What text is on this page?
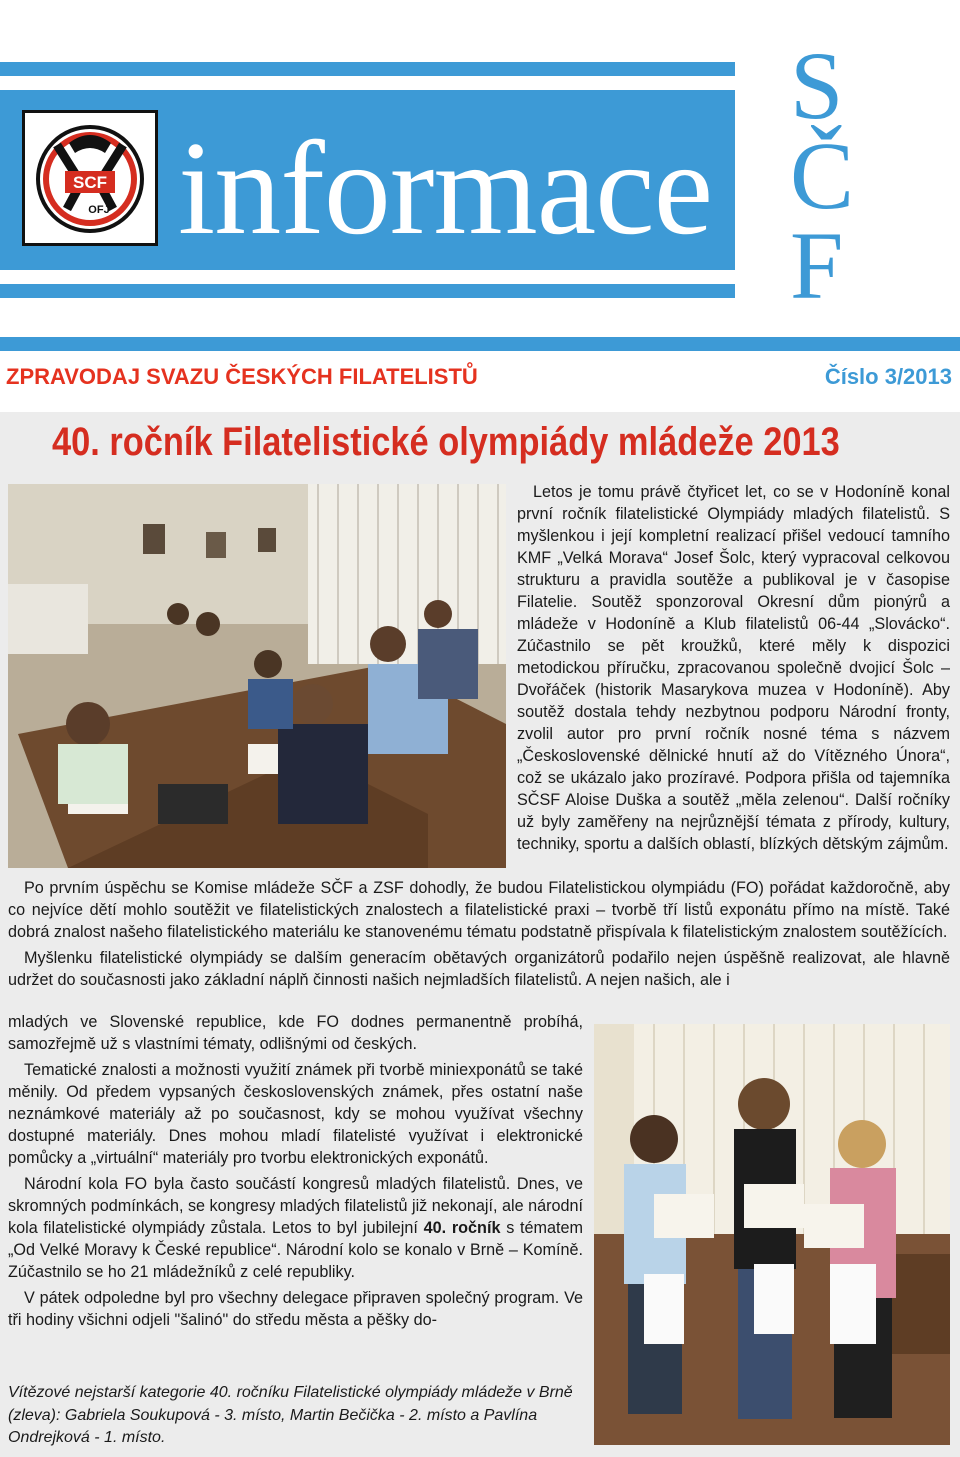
SCF
OFJ informace
S
Č
F
ZPRAVODAJ SVAZU ČESKÝCH FILATELISTŮ	Číslo 3/2013
40. ročník Filatelistické olympiády mládeže 2013

Letos je tomu právě čtyřicet let, co se v Hodoníně konal první ročník filatelistické Olympiády mladých filatelistů. S myšlenkou i její kompletní realizací přišel vedoucí tamního KMF „Velká Morava“ Josef Šolc, který vypracoval celkovou strukturu a pravidla soutěže a publikoval je v časopise Filatelie. Soutěž sponzoroval Okresní dům pionýrů a mládeže v Hodoníně a Klub filatelistů 06-44 „Slovácko“. Zúčastnilo se pět kroužků, které měly k dispozici metodickou příručku, zpracovanou společně dvojicí Šolc – Dvořáček (historik Masarykova muzea v Hodoníně). Aby soutěž dostala tehdy nezbytnou podporu Národní fronty, zvolil autor pro první ročník nosné téma s názvem „Československé dělnické hnutí až do Vítězného Února“, což se ukázalo jako prozíravé. Podpora přišla od tajemníka SČSF Aloise Duška a soutěž „měla zelenou“. Další ročníky už byly zaměřeny na nejrůznější témata z přírody, kultury, techniky, sportu a dalších oblastí, blízkých dětským zájmům.

Po prvním úspěchu se Komise mládeže SČF a ZSF dohodly, že budou Filatelistickou olympiádu (FO) pořádat každoročně, aby co nejvíce dětí mohlo soutěžit ve filatelistických znalostech a filatelistické praxi – tvorbě tří listů exponátu přímo na místě. Také dobrá znalost našeho filatelistického materiálu ke stanovenému tématu podstatně přispívala k filatelistickým znalostem soutěžících.

Myšlenku filatelistické olympiády se dalším generacím obětavých organizátorů podařilo nejen úspěšně realizovat, ale hlavně udržet do současnosti jako základní náplň činnosti našich nejmladších filatelistů. A nejen našich, ale i

mladých ve Slovenské republice, kde FO dodnes permanentně probíhá, samozřejmě už s vlastními tématy, odlišnými od českých.

Tematické znalosti a možnosti využití známek při tvorbě miniexponátů se také měnily. Od předem vypsaných československých známek, přes ostatní naše neznámkové materiály až po současnost, kdy se mohou využívat všechny dostupné materiály. Dnes mohou mladí filatelisté využívat i elektronické pomůcky a „virtuální“ materiály pro tvorbu elektronických exponátů.

Národní kola FO byla často součástí kongresů mladých filatelistů. Dnes, ve skromných podmínkách, se kongresy mladých filatelistů již nekonají, ale národní kola filatelistické olympiády zůstala. Letos to byl jubilejní 40. ročník s tématem „Od Velké Moravy k České republice“. Národní kolo se konalo v Brně – Komíně. Zúčastnilo se ho 21 mládežníků z celé republiky.

V pátek odpoledne byl pro všechny delegace připraven společný program. Ve tři hodiny všichni odjeli "šalinó" do středu města a pěšky do-

Vítězové nejstarší kategorie 40. ročníku Filatelistické olympiády mládeže v Brně (zleva): Gabriela Soukupová - 3. místo, Martin Bečička - 2. místo a Pavlína Ondrejková - 1. místo.
